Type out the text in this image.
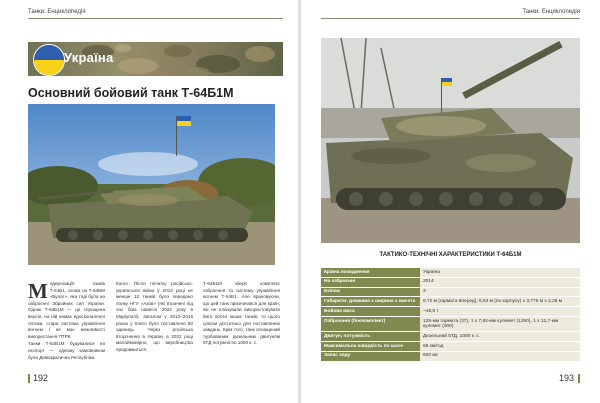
Танки. Енциклопедія
Україна
Основний бойовий танк Т-64Б1М
М одернізація танків Т-64Б1, схожа на Т-64БМ «Булат», яка тоді була на озброєнні Збройних сил України. Однак Т-64Б1М — це спрощена версія, на ній немає вдосконаленої оптики, стара система управління вогнем і не має можливості використання ПТРК.

Танки Т-64Б1М будувалися на експорт — одному замовником була Демократична Республіка

Конго. Після початку російсько-української війни у 2014 році не менше 10 танків було передано полку НГУ «Азов» (які втрачені під час бою навесні 2022 року в Маріуполі). Загалом у 2013–2016 роках у Конго було поставлено 50 одиниць. Через російська вторгнення в Україну в 2022 році малоймовірно, що виробництво продовжиться.

Т-64Б1М зберіг комплекс озброєння та систему управління вогнем Т-64Б1. Але враховуючи, що цей танк призначався для країн, які не планували використовувати його проти інших танків, то цього цілком достатньо для поставлених завдань. Крім того, танк оснащений турбованим дизельним двигуном 5ТД потужністю 1000 к. с.

192
Танки. Енциклопедія
ТАКТИКО-ТЕХНІЧНІ ХАРАКТЕРИСТИКИ Т-64Б1М
Країна походження	Україна
На озброєнні	2014
Екіпаж	3
Габарити: довжина х ширина х висота	9,72 м (гармата вперед); 6,54 м (по корпусу) x 3,775 м x 2,28 м
Бойова маса	~48,0 т
Озброєння (боєкомплект)	125-мм гармата (37), 1 x 7,62-мм кулемет (1250), 1 x 12,7-мм кулемет (300)
Двигун, потужність	Дизельний 5ТД, 1000 к. с.
Максимальна швидкість по шосе	65 км/год
Запас ходу	600 км
193
